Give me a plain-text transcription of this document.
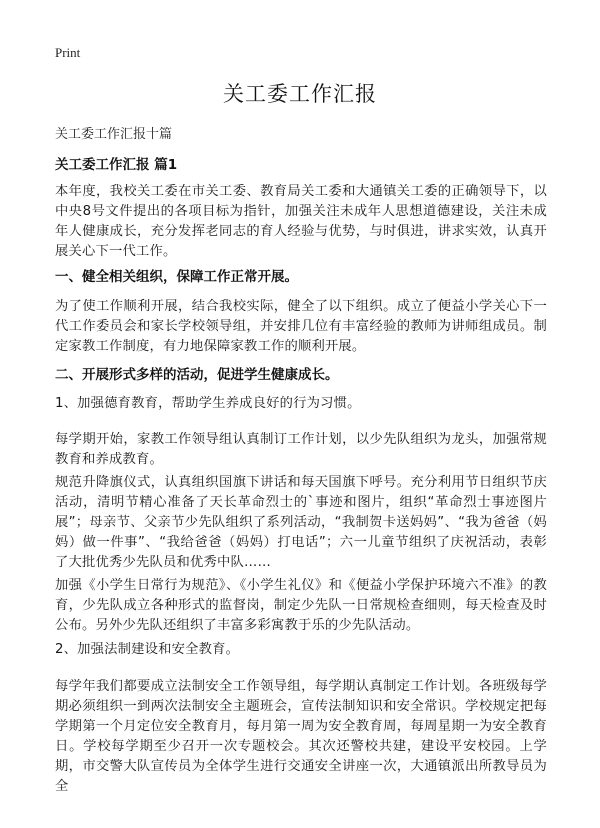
Print
关工委工作汇报
关工委工作汇报十篇
关工委工作汇报 篇1

本年度，我校关工委在市关工委、教育局关工委和大通镇关工委的正确领导下，以中央8号文件提出的各项目标为指针，加强关注未成年人思想道德建设，关注未成年人健康成长，充分发挥老同志的育人经验与优势，与时俱进，讲求实效，认真开展关心下一代工作。

一、健全相关组织，保障工作正常开展。

为了使工作顺利开展，结合我校实际，健全了以下组织。成立了便益小学关心下一代工作委员会和家长学校领导组，并安排几位有丰富经验的教师为讲师组成员。制定家教工作制度，有力地保障家教工作的顺利开展。

二、开展形式多样的活动，促进学生健康成长。

1、加强德育教育，帮助学生养成良好的行为习惯。

每学期开始，家教工作领导组认真制订工作计划，以少先队组织为龙头，加强常规教育和养成教育。

规范升降旗仪式，认真组织国旗下讲话和每天国旗下呼号。充分利用节日组织节庆活动，清明节精心准备了天长革命烈士的`事迹和图片，组织“革命烈士事迹图片展”；母亲节、父亲节少先队组织了系列活动，“我制贺卡送妈妈”、“我为爸爸（妈妈）做一件事”、“我给爸爸（妈妈）打电话”；六一儿童节组织了庆祝活动，表彰了大批优秀少先队员和优秀中队……

加强《小学生日常行为规范》、《小学生礼仪》和《便益小学保护环境六不准》的教育，少先队成立各种形式的监督岗，制定少先队一日常规检查细则，每天检查及时公布。另外少先队还组织了丰富多彩寓教于乐的少先队活动。

2、加强法制建设和安全教育。

每学年我们都要成立法制安全工作领导组，每学期认真制定工作计划。各班级每学期必须组织一到两次法制安全主题班会，宣传法制知识和安全常识。学校规定把每学期第一个月定位安全教育月，每月第一周为安全教育周，每周星期一为安全教育日。学校每学期至少召开一次专题校会。其次还警校共建，建设平安校园。上学期，市交警大队宣传员为全体学生进行交通安全讲座一次，大通镇派出所教导员为全
